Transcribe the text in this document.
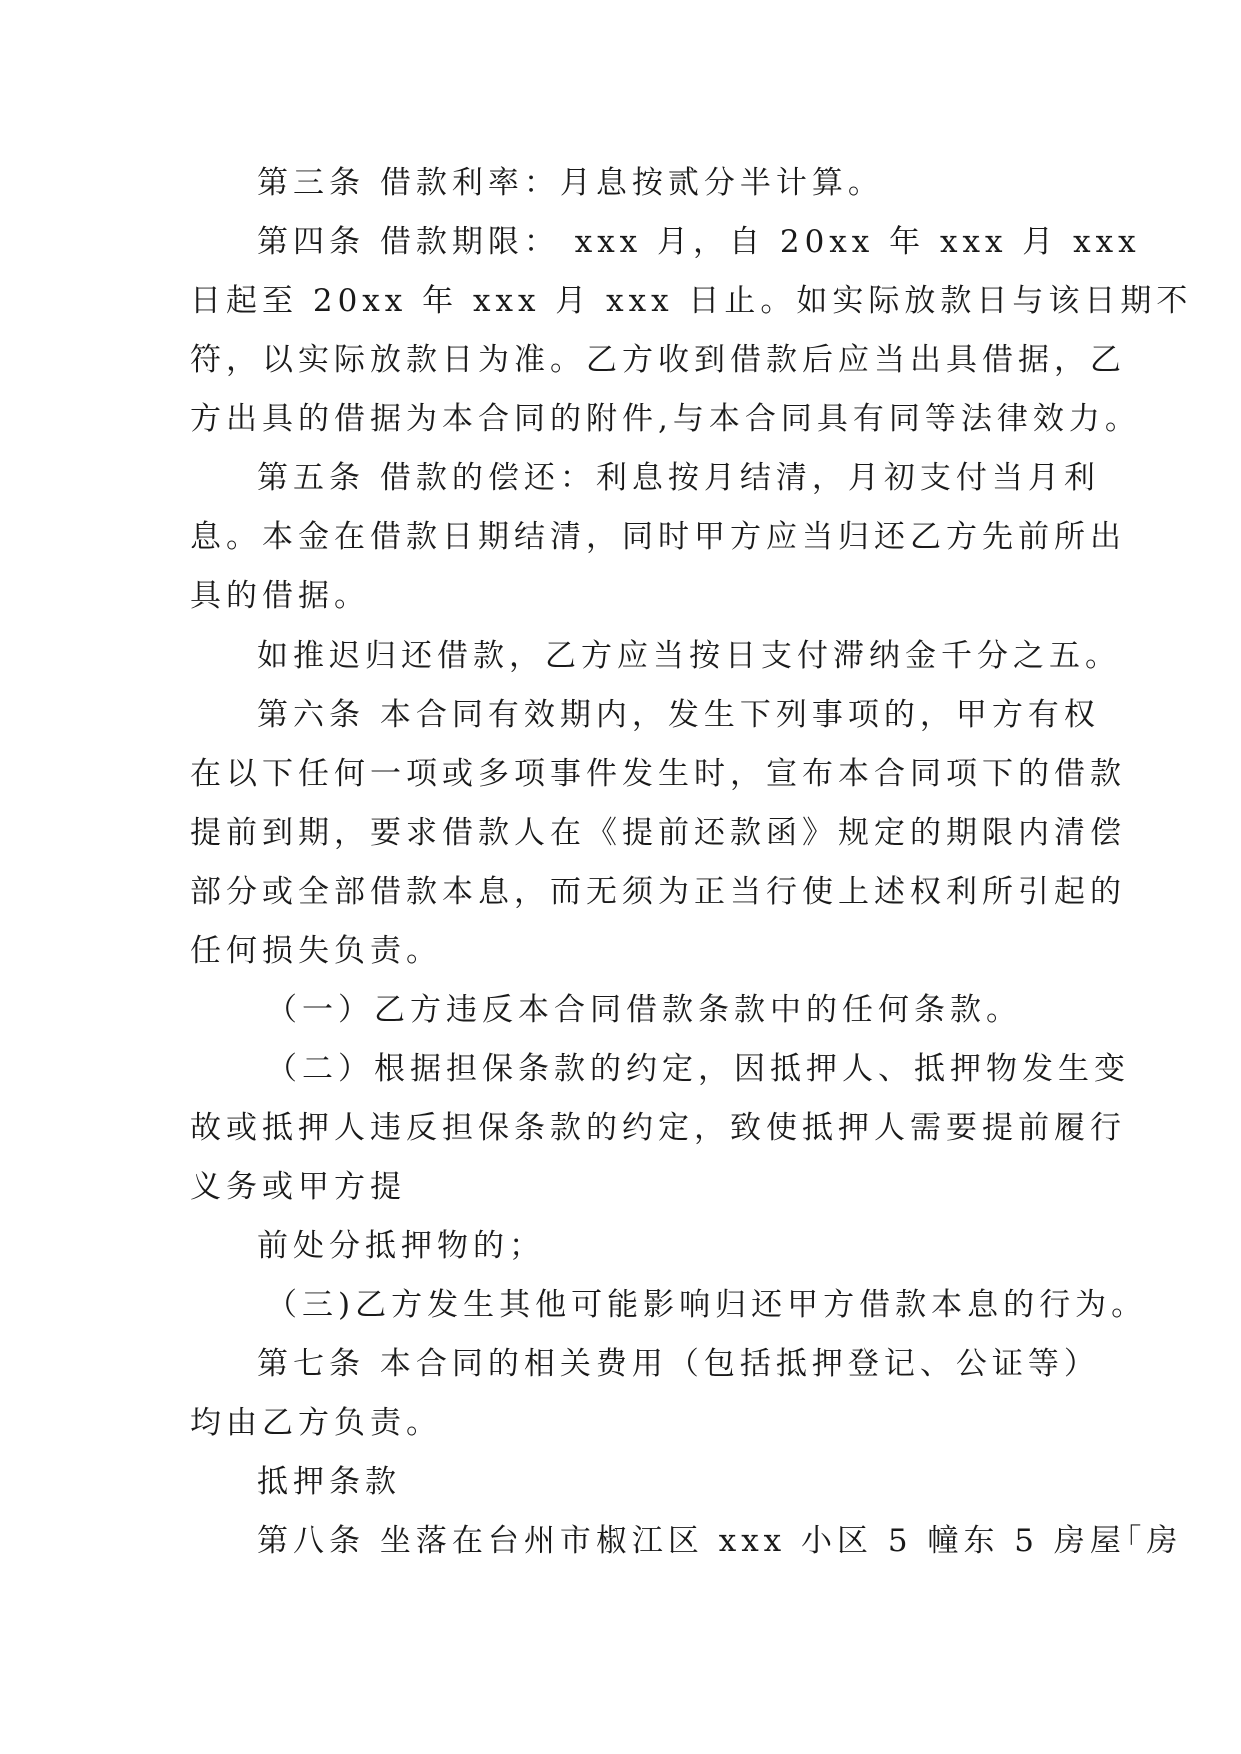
第三条 借款利率：月息按贰分半计算。
第四条 借款期限： xxx 月，自 20xx 年 xxx 月 xxx
日起至 20xx 年 xxx 月 xxx 日止。如实际放款日与该日期不
符，以实际放款日为准。乙方收到借款后应当出具借据，乙
方出具的借据为本合同的附件,与本合同具有同等法律效力。
第五条 借款的偿还：利息按月结清，月初支付当月利
息。本金在借款日期结清，同时甲方应当归还乙方先前所出
具的借据。
如推迟归还借款，乙方应当按日支付滞纳金千分之五。
第六条 本合同有效期内，发生下列事项的，甲方有权
在以下任何一项或多项事件发生时，宣布本合同项下的借款
提前到期，要求借款人在《提前还款函》规定的期限内清偿
部分或全部借款本息，而无须为正当行使上述权利所引起的
任何损失负责。
（一）乙方违反本合同借款条款中的任何条款。
（二）根据担保条款的约定，因抵押人、抵押物发生变
故或抵押人违反担保条款的约定，致使抵押人需要提前履行
义务或甲方提
前处分抵押物的；
（三)乙方发生其他可能影响归还甲方借款本息的行为。
第七条 本合同的相关费用（包括抵押登记、公证等）
均由乙方负责。
抵押条款
第八条 坐落在台州市椒江区 xxx 小区 5 幢东 5 房屋｢房
